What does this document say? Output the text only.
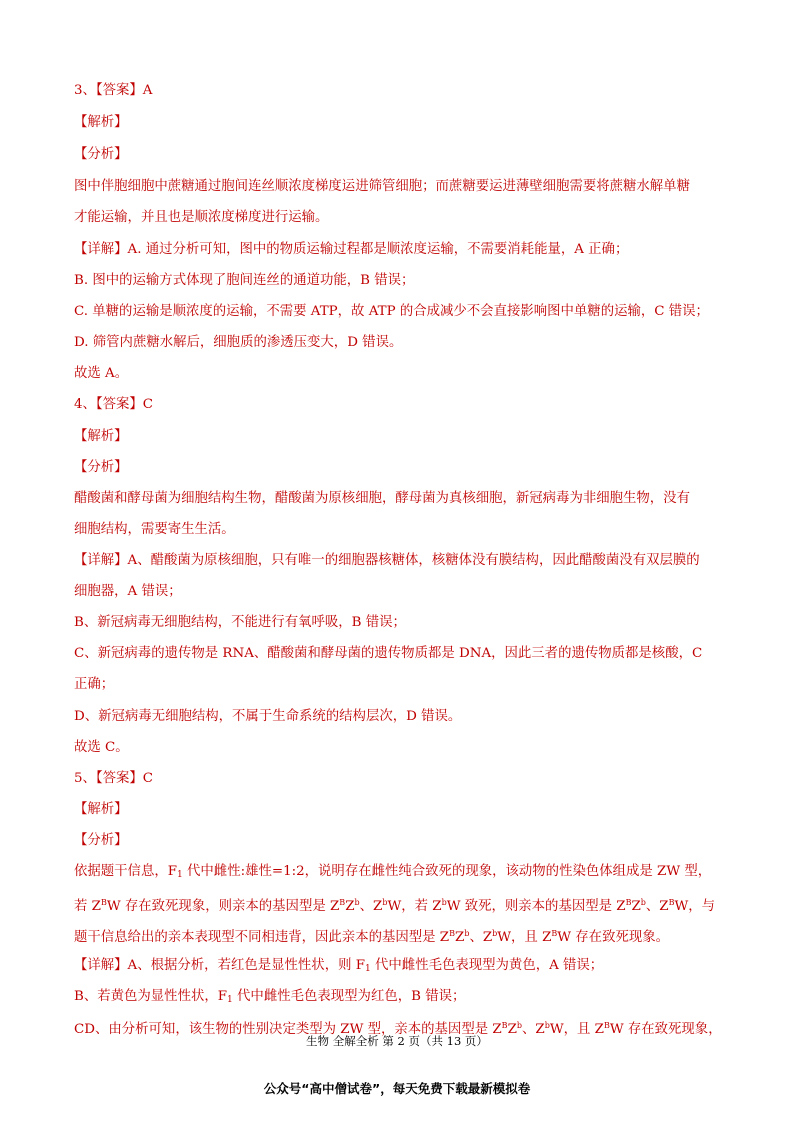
3、【答案】A
【解析】
【分析】
图中伴胞细胞中蔗糖通过胞间连丝顺浓度梯度运进筛管细胞；而蔗糖要运进薄壁细胞需要将蔗糖水解单糖
才能运输，并且也是顺浓度梯度进行运输。
【详解】A. 通过分析可知，图中的物质运输过程都是顺浓度运输，不需要消耗能量，A 正确；
B. 图中的运输方式体现了胞间连丝的通道功能，B 错误；
C. 单糖的运输是顺浓度的运输，不需要 ATP，故 ATP 的合成减少不会直接影响图中单糖的运输，C 错误；
D. 筛管内蔗糖水解后，细胞质的渗透压变大，D 错误。
故选 A。
4、【答案】C
【解析】
【分析】
醋酸菌和酵母菌为细胞结构生物，醋酸菌为原核细胞，酵母菌为真核细胞，新冠病毒为非细胞生物，没有
细胞结构，需要寄生生活。
【详解】A、醋酸菌为原核细胞，只有唯一的细胞器核糖体，核糖体没有膜结构，因此醋酸菌没有双层膜的
细胞器，A 错误；
B、新冠病毒无细胞结构，不能进行有氧呼吸，B 错误；
C、新冠病毒的遗传物是 RNA、醋酸菌和酵母菌的遗传物质都是 DNA，因此三者的遗传物质都是核酸，C
正确；
D、新冠病毒无细胞结构，不属于生命系统的结构层次，D 错误。
故选 C。
5、【答案】C
【解析】
【分析】
依据题干信息，$F_1$ 代中雌性:雄性=1:2，说明存在雌性纯合致死的现象，该动物的性染色体组成是 ZW 型，
若 $Z^BW$ 存在致死现象，则亲本的基因型是 $Z^BZ^b$、$Z^bW$，若 $Z^bW$ 致死，则亲本的基因型是 $Z^BZ^b$、$Z^BW$，与
题干信息给出的亲本表现型不同相违背，因此亲本的基因型是 $Z^BZ^b$、$Z^bW$，且 $Z^BW$ 存在致死现象。
【详解】A、根据分析，若红色是显性性状，则 $F_1$ 代中雌性毛色表现型为黄色，A 错误；
B、若黄色为显性性状，$F_1$ 代中雌性毛色表现型为红色，B 错误；
CD、由分析可知，该生物的性别决定类型为 ZW 型，亲本的基因型是 $Z^BZ^b$、$Z^bW$，且 $Z^BW$ 存在致死现象，
生物 全解全析 第 2 页（共 13 页）
公众号“高中僧试卷”，每天免费下载最新模拟卷
